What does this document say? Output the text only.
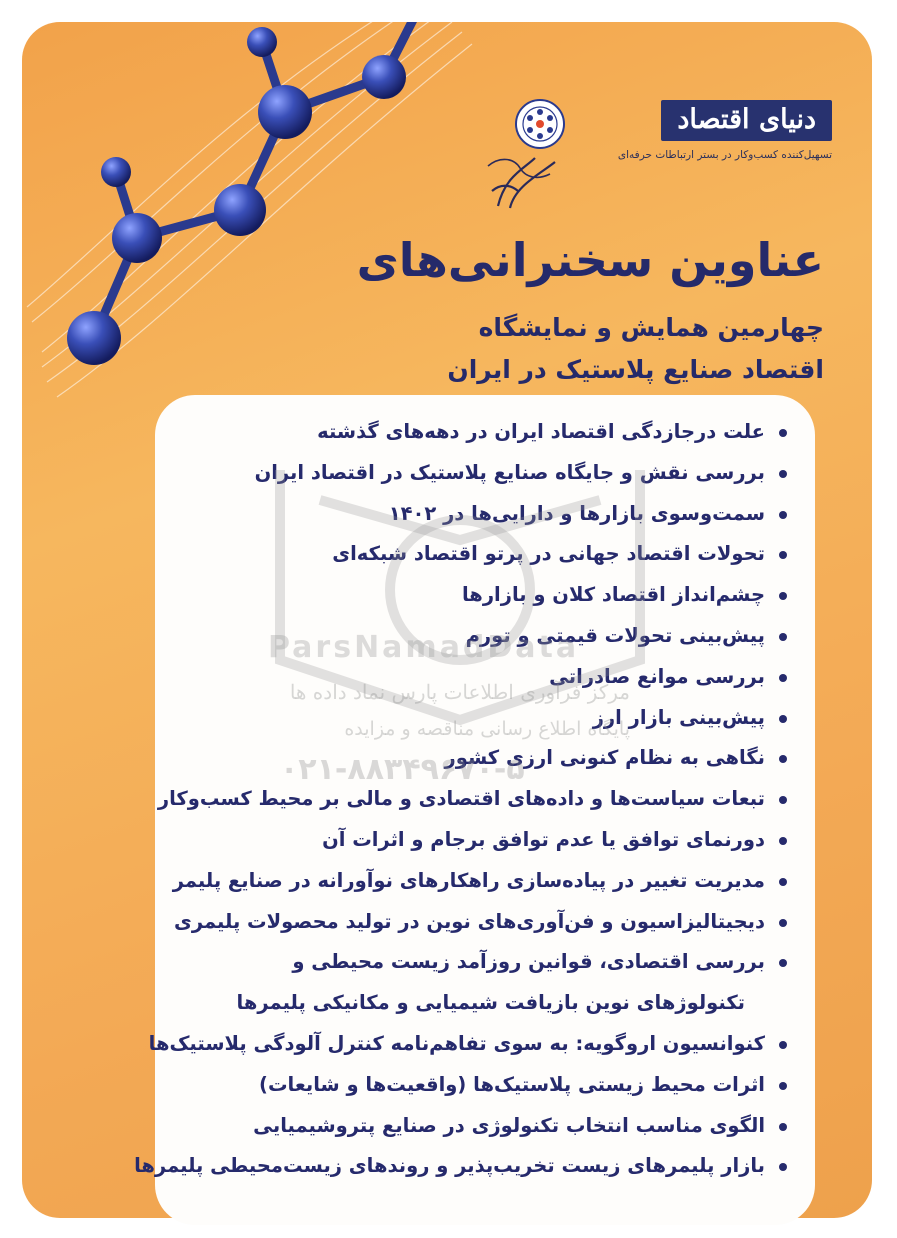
دنیای اقتصاد
تسهیل‌کننده کسب‌وکار در بستر ارتباطات حرفه‌ای
عناوین سخنرانی‌های
چهارمین همایش و نمایشگاه
اقتصاد صنایع پلاستیک در ایران
علت درجازدگی اقتصاد ایران در دهه‌های گذشته
بررسی نقش و جایگاه صنایع پلاستیک در اقتصاد ایران
سمت‌وسوی بازارها و دارایی‌ها در ۱۴۰۲
تحولات اقتصاد جهانی در پرتو اقتصاد شبکه‌ای
چشم‌انداز اقتصاد کلان و بازارها
پیش‌بینی تحولات قیمتی و تورم
بررسی موانع صادراتی
پیش‌بینی بازار ارز
نگاهی به نظام کنونی ارزی کشور
تبعات سیاست‌ها و داده‌های اقتصادی و مالی بر محیط کسب‌وکار
دورنمای توافق یا عدم توافق برجام و اثرات آن
مدیریت تغییر در پیاده‌سازی راهکارهای نوآورانه در صنایع پلیمر
دیجیتالیزاسیون و فن‌آوری‌های نوین در تولید محصولات پلیمری
بررسی اقتصادی، قوانین روزآمد زیست محیطی و
تکنولوژهای نوین بازیافت شیمیایی و مکانیکی پلیمرها
کنوانسیون اروگویه: به سوی تفاهم‌نامه کنترل آلودگی پلاستیک‌ها
اثرات محیط زیستی پلاستیک‌ها (واقعیت‌ها و شایعات)
الگوی مناسب انتخاب تکنولوژی در صنایع پتروشیمیایی
بازار پلیمرهای زیست تخریب‌پذیر و روندهای زیست‌محیطی پلیمرها
ParsNamadData
مرکز فرآوری اطلاعات پارس نماد داده ها
پایگاه اطلاع رسانی مناقصه و مزایده
۰۲۱-۸۸۳۴۹۶۷۰-۵
